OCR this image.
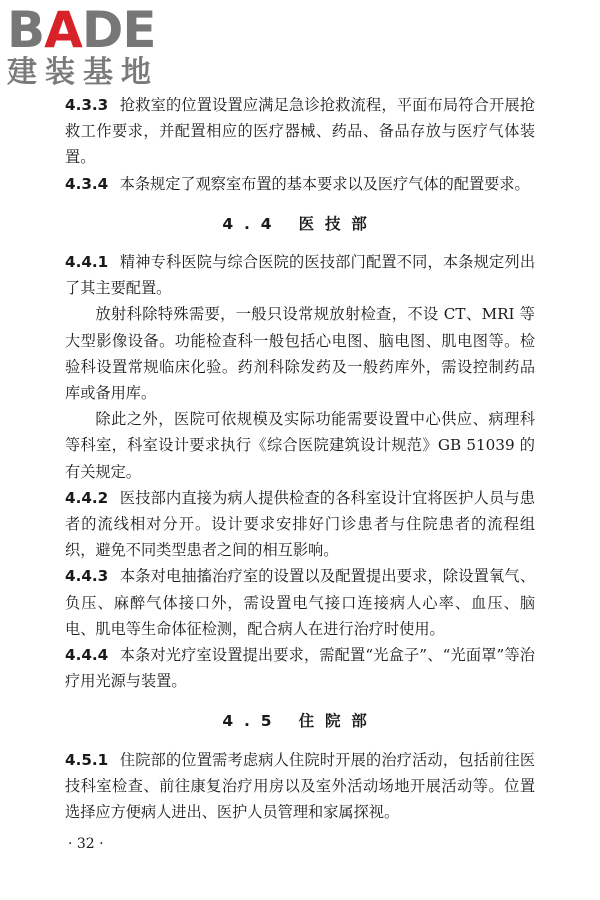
BADE
建装基地

4.3.3 抢救室的位置设置应满足急诊抢救流程，平面布局符合开展抢救工作要求，并配置相应的医疗器械、药品、备品存放与医疗气体装置。

4.3.4 本条规定了观察室布置的基本要求以及医疗气体的配置要求。

4.4 医技部

4.4.1 精神专科医院与综合医院的医技部门配置不同，本条规定列出了其主要配置。

放射科除特殊需要，一般只设常规放射检查，不设 CT、MRI 等大型影像设备。功能检查科一般包括心电图、脑电图、肌电图等。检验科设置常规临床化验。药剂科除发药及一般药库外，需设控制药品库或备用库。

除此之外，医院可依规模及实际功能需要设置中心供应、病理科等科室，科室设计要求执行《综合医院建筑设计规范》GB 51039 的有关规定。

4.4.2 医技部内直接为病人提供检查的各科室设计宜将医护人员与患者的流线相对分开。设计要求安排好门诊患者与住院患者的流程组织，避免不同类型患者之间的相互影响。

4.4.3 本条对电抽搐治疗室的设置以及配置提出要求，除设置氧气、负压、麻醉气体接口外，需设置电气接口连接病人心率、血压、脑电、肌电等生命体征检测，配合病人在进行治疗时使用。

4.4.4 本条对光疗室设置提出要求，需配置“光盒子”、“光面罩”等治疗用光源与装置。

4.5 住院部

4.5.1 住院部的位置需考虑病人住院时开展的治疗活动，包括前往医技科室检查、前往康复治疗用房以及室外活动场地开展活动等。位置选择应方便病人进出、医护人员管理和家属探视。

· 32 ·
